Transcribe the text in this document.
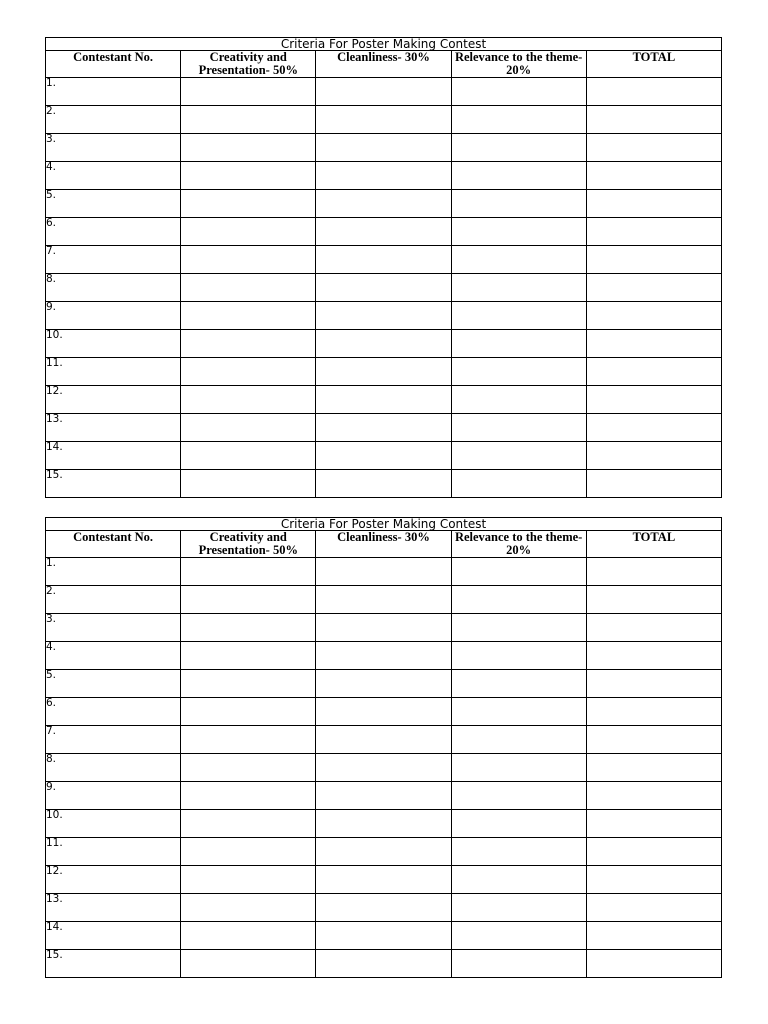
Criteria For Poster Making Contest				
Contestant No.	Creativity and Presentation- 50%	Cleanliness- 30%	Relevance to the theme-20%	TOTAL
1.				
2.				
3.				
4.				
5.				
6.				
7.				
8.				
9.				
10.				
11.				
12.				
13.				
14.				
15.				
Criteria For Poster Making Contest				
Contestant No.	Creativity and Presentation- 50%	Cleanliness- 30%	Relevance to the theme-20%	TOTAL
1.				
2.				
3.				
4.				
5.				
6.				
7.				
8.				
9.				
10.				
11.				
12.				
13.				
14.				
15.				
